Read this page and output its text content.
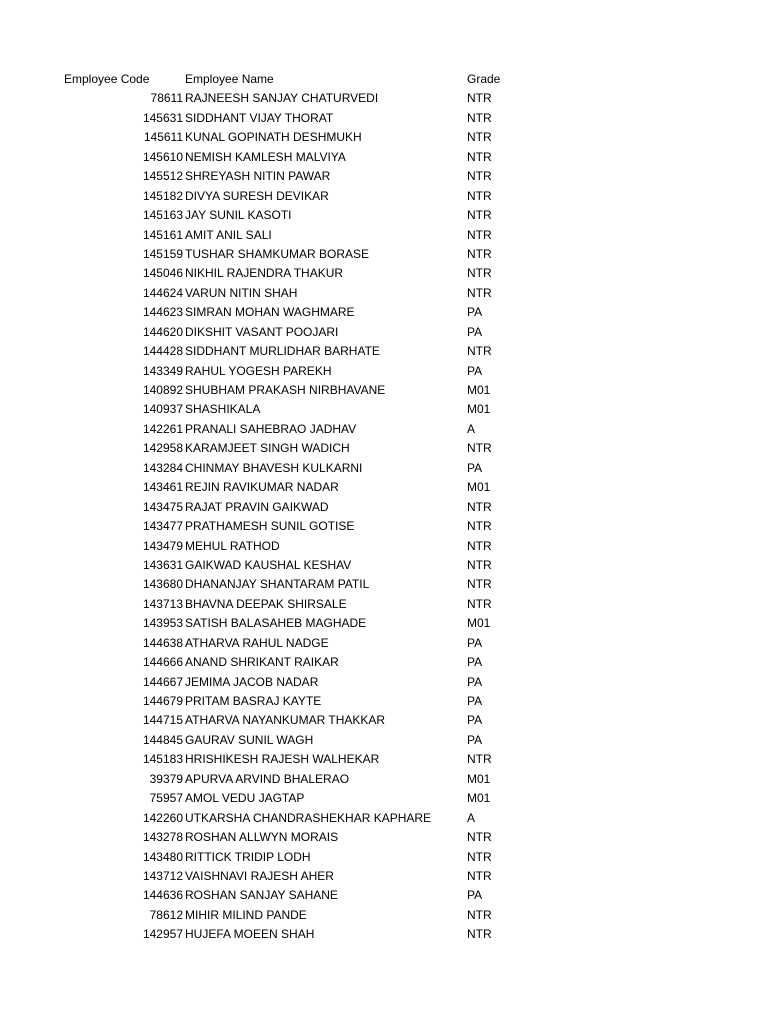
Employee Code	Employee Name	Grade
78611 RAJNEESH SANJAY CHATURVEDI	NTR
145631 SIDDHANT VIJAY THORAT	NTR
145611 KUNAL GOPINATH DESHMUKH	NTR
145610 NEMISH KAMLESH MALVIYA	NTR
145512 SHREYASH NITIN PAWAR	NTR
145182 DIVYA SURESH DEVIKAR	NTR
145163 JAY SUNIL KASOTI	NTR
145161 AMIT ANIL SALI	NTR
145159 TUSHAR SHAMKUMAR BORASE	NTR
145046 NIKHIL RAJENDRA THAKUR	NTR
144624 VARUN NITIN SHAH	NTR
144623 SIMRAN MOHAN WAGHMARE	PA
144620 DIKSHIT VASANT POOJARI	PA
144428 SIDDHANT MURLIDHAR BARHATE	NTR
143349 RAHUL YOGESH PAREKH	PA
140892 SHUBHAM PRAKASH NIRBHAVANE	M01
140937 SHASHIKALA	M01
142261 PRANALI SAHEBRAO JADHAV	A
142958 KARAMJEET SINGH WADICH	NTR
143284 CHINMAY BHAVESH KULKARNI	PA
143461 REJIN RAVIKUMAR NADAR	M01
143475 RAJAT PRAVIN GAIKWAD	NTR
143477 PRATHAMESH SUNIL GOTISE	NTR
143479 MEHUL RATHOD	NTR
143631 GAIKWAD KAUSHAL KESHAV	NTR
143680 DHANANJAY SHANTARAM PATIL	NTR
143713 BHAVNA DEEPAK SHIRSALE	NTR
143953 SATISH BALASAHEB MAGHADE	M01
144638 ATHARVA RAHUL NADGE	PA
144666 ANAND SHRIKANT RAIKAR	PA
144667 JEMIMA JACOB NADAR	PA
144679 PRITAM BASRAJ KAYTE	PA
144715 ATHARVA NAYANKUMAR THAKKAR	PA
144845 GAURAV SUNIL WAGH	PA
145183 HRISHIKESH RAJESH WALHEKAR	NTR
39379 APURVA ARVIND BHALERAO	M01
75957 AMOL VEDU JAGTAP	M01
142260 UTKARSHA CHANDRASHEKHAR KAPHARE	A
143278 ROSHAN ALLWYN MORAIS	NTR
143480 RITTICK TRIDIP LODH	NTR
143712 VAISHNAVI RAJESH AHER	NTR
144636 ROSHAN SANJAY SAHANE	PA
78612 MIHIR MILIND PANDE	NTR
142957 HUJEFA MOEEN SHAH	NTR
